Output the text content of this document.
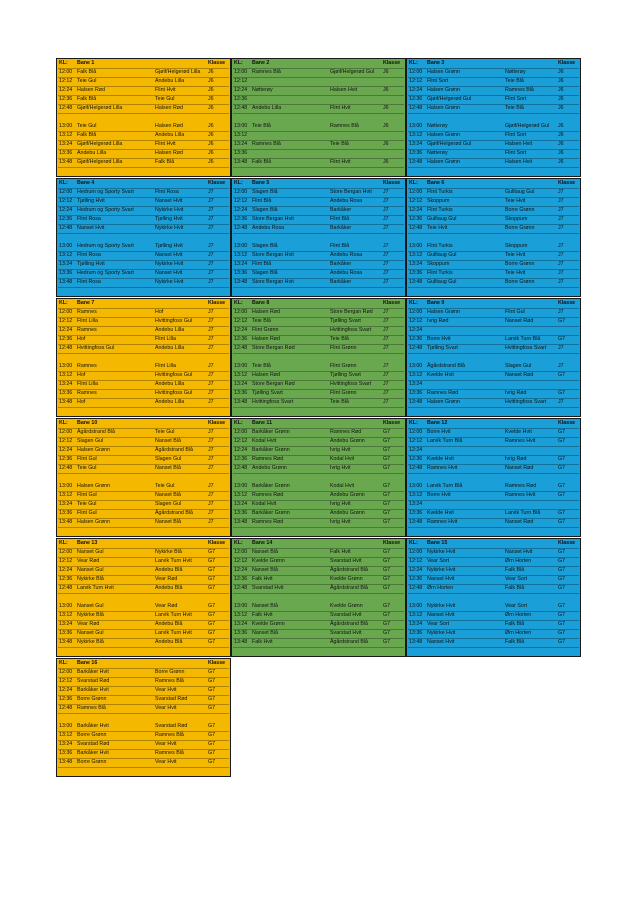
KL:	Bane 1	Klasse
12:00 Falk Blå	Gjøif/Helgerød Lilla	J6
12:12 Teie Gul	Andebu Lilla	J6
12:24 Halsen Rød	Flint Hvit	J6
12:36 Falk Blå	Teie Gul	J6
12:48 Gjøif/Helgerød Lilla	Halsen Rød	J6
13:00 Teie Gul	Halsen Rød	J6
13:12 Falk Blå	Andebu Lilla	J6
13:24 Gjøif/Helgerød Lilla	Flint Hvit	J6
13:36 Andebu Lilla	Halsen Rød	J6
13:48 Gjøif/Helgerød Lilla	Falk Blå	J6
KL:	Bane 2	Klasse
12:00 Ramnes Blå	Gjøif/Helgerød Gul	J6
12:12
12:24 Nøtterøy	Halsen Hvit	J6
12:36
12:48 Andebu Lilla	Flint Hvit	J6
13:00 Teie Blå	Ramnes Blå	J6
13:12
13:24 Ramnes Blå	Teie Blå	J6
13:36
13:48 Falk Blå	Flint Hvit	J6
KL:	Bane 3	Klasse
12:00 Halsen Grønn	Nøtterøy	J6
12:12 Flint Sort	Teie Blå	J6
12:24 Halsen Grønn	Ramnes Blå	J6
12:36 Gjøif/Helgerød Gul	Flint Sort	J6
12:48 Halsen Grønn	Teie Blå	J6
13:00 Nøtterøy	Gjøif/Helgerød Gul	J6
13:12 Halsen Grønn	Flint Sort	J6
13:24 Gjøif/Helgerød Gul	Halsen Hvit	J6
13:36 Nøtterøy	Flint Sort	J6
13:48 Halsen Grønn	Halsen Hvit	J6
KL:	Bane 4	Klasse
12:00 Hedrum og Sporty Svart	Flint Rosa	J7
12:12 Tjølling Hvit	Nanset Hvit	J7
12:24 Hedrum og Sporty Svart	Nykirke Hvit	J7
12:36 Flint Rosa	Tjølling Hvit	J7
12:48 Nanset Hvit	Nykirke Hvit	J7
13:00 Hedrum og Sporty Svart	Tjølling Hvit	J7
13:12 Flint Rosa	Nanset Hvit	J7
13:24 Tjølling Hvit	Nykirke Hvit	J7
13:36 Hedrum og Sporty Svart	Nanset Hvit	J7
13:48 Flint Rosa	Nykirke Hvit	J7
KL:	Bane 5	Klasse
12:00 Slagen Blå	Store Bergan Hvit	J7
12:12 Flint Blå	Andebu Rosa	J7
12:24 Slagen Blå	Barkåker	J7
12:36 Store Bergan Hvit	Flint Blå	J7
12:48 Andebu Rosa	Barkåker	J7
13:00 Slagen Blå	Flint Blå	J7
13:12 Store Bergan Hvit	Andebu Rosa	J7
13:24 Flint Blå	Barkåker	J7
13:36 Slagen Blå	Andebu Rosa	J7
13:48 Store Bergan Hvit	Barkåker	J7
KL:	Bane 6	Klasse
12:00 Flint Turkis	Gulltaug Gul	J7
12:12 Skoppum	Teie Hvit	J7
12:24 Flint Turkis	Borre Grønn	J7
12:36 Gulltaug Gul	Skoppum	J7
12:48 Teie Hvit	Borre Grønn	J7
13:00 Flint Turkis	Skoppum	J7
13:12 Gulltaug Gul	Teie Hvit	J7
13:24 Skoppum	Borre Grønn	J7
13:36 Flint Turkis	Teie Hvit	J7
13:48 Gulltaug Gul	Borre Grønn	J7
KL:	Bane 7	Klasse
12:00 Ramnes	Hof	J7
12:12 Flint Lilla	Hvittingfoss Gul	J7
12:24 Ramnes	Andebu Lilla	J7
12:36 Hof	Flint Lilla	J7
12:48 Hvittingfoss Gul	Andebu Lilla	J7
13:00 Ramnes	Flint Lilla	J7
13:12 Hof	Hvittingfoss Gul	J7
13:24 Flint Lilla	Andebu Lilla	J7
13:36 Ramnes	Hvittingfoss Gul	J7
13:48 Hof	Andebu Lilla	J7
KL:	Bane 8	Klasse
12:00 Halsen Rød	Store Bergan Rød	J7
12:12 Teie Blå	Tjølling Svart	J7
12:24 Flint Grønn	Hvittingfoss Svart	J7
12:36 Halsen Rød	Teie Blå	J7
12:48 Store Bergan Rød	Flint Grønn	J7
13:00 Teie Blå	Flint Grønn	J7
13:12 Halsen Rød	Tjølling Svart	J7
13:24 Store Bergan Rød	Hvittingfoss Svart	J7
13:36 Tjølling Svart	Flint Grønn	J7
13:48 Hvittingfoss Svart	Teie Blå	J7
KL:	Bane 9	Klasse
12:00 Halsen Grønn	Flint Gul	J7
12:12 Ivrig Rød	Nanset Rød	G7
12:24
12:36 Borre Hvit	Larvik Turn Blå	G7
12:48 Tjølling Svart	Hvittingfoss Svart	J7
13:00 Ågårdstrand Blå	Slagen Gul	J7
13:12 Kvelde Hvit	Nanset Rød	G7
13:24
13:36 Ramnes Rød	Ivrig Rød	G7
13:48 Halsen Grønn	Hvittingfoss Svart	J7
KL:	Bane 10	Klasse
12:00 Ågårdstrand Blå	Teie Gul	J7
12:12 Slagen Gul	Nanset Blå	J7
12:24 Halsen Grønn	Ågårdstrand Blå	J7
12:36 Flint Gul	Slagen Gul	J7
12:48 Teie Gul	Nanset Blå	J7
13:00 Halsen Grønn	Teie Gul	J7
13:12 Flint Gul	Nanset Blå	J7
13:24 Teie Gul	Slagen Gul	J7
13:36 Flint Gul	Ågårdstrand Blå	J7
13:48 Halsen Grønn	Nanset Blå	J7
KL:	Bane 11	Klasse
12:00 Barkåker Grønn	Ramnes Rød	G7
12:12 Kodal Hvit	Andebu Grønn	G7
12:24 Barkåker Grønn	Ivrig Hvit	G7
12:36 Ramnes Rød	Kodal Hvit	G7
12:48 Andebu Grønn	Ivrig Hvit	G7
13:00 Barkåker Grønn	Kodal Hvit	G7
13:12 Ramnes Rød	Andebu Grønn	G7
13:24 Kodal Hvit	Ivrig Hvit	G7
13:36 Barkåker Grønn	Andebu Grønn	G7
13:48 Ramnes Rød	Ivrig Hvit	G7
KL:	Bane 12	Klasse
12:00 Borre Hvit	Kvelde Hvit	G7
12:12 Larvik Turn Blå	Ramnes Hvit	G7
12:24
12:36 Kvelde Hvit	Ivrig Rød	G7
12:48 Ramnes Hvit	Nanset Rød	G7
13:00 Larvik Turn Blå	Ramnes Rød	G7
13:12 Borre Hvit	Ramnes Hvit	G7
13:24
13:36 Kvelde Hvit	Larvik Turn Blå	G7
13:48 Ramnes Hvit	Nanset Rød	G7
KL:	Bane 13	Klasse
12:00 Nanset Gul	Nykirke Blå	G7
12:12 Vear Rød	Larvik Turn Hvit	G7
12:24 Nanset Gul	Andebu Blå	G7
12:36 Nykirke Blå	Vear Rød	G7
12:48 Larvik Turn Hvit	Andebu Blå	G7
13:00 Nanset Gul	Vear Rød	G7
13:12 Nykirke Blå	Larvik Turn Hvit	G7
13:24 Vear Rød	Andebu Blå	G7
13:36 Nanset Gul	Larvik Turn Hvit	G7
13:48 Nykirke Blå	Andebu Blå	G7
KL:	Bane 14	Klasse
12:00 Nanset Blå	Falk Hvit	G7
12:12 Kvelde Grønn	Svarstad Hvit	G7
12:24 Nanset Blå	Ågårdstrand Blå	G7
12:36 Falk Hvit	Kvelde Grønn	G7
12:48 Svarstad Hvit	Ågårdstrand Blå	G7
13:00 Nanset Blå	Kvelde Grønn	G7
13:12 Falk Hvit	Svarstad Hvit	G7
13:24 Kvelde Grønn	Ågårdstrand Blå	G7
13:36 Nanset Blå	Svarstad Hvit	G7
13:48 Falk Hvit	Ågårdstrand Blå	G7
KL:	Bane 15	Klasse
12:00 Nykirke Hvit	Nanset Hvit	G7
12:12 Vear Sort	Ørn Horten	G7
12:24 Nykirke Hvit	Falk Blå	G7
12:36 Nanset Hvit	Vear Sort	G7
12:48 Ørn Horten	Falk Blå	G7
13:00 Nykirke Hvit	Vear Sort	G7
13:12 Nanset Hvit	Ørn Horten	G7
13:24 Vear Sort	Falk Blå	G7
13:36 Nykirke Hvit	Ørn Horten	G7
13:48 Nanset Hvit	Falk Blå	G7
KL:	Bane 16	Klasse
12:00 Barkåker Hvit	Borre Grønn	G7
12:12 Svarstad Rød	Ramnes Blå	G7
12:24 Barkåker Hvit	Vear Hvit	G7
12:36 Borre Grønn	Svarstad Rød	G7
12:48 Ramnes Blå	Vear Hvit	G7
13:00 Barkåker Hvit	Svarstad Rød	G7
13:12 Borre Grønn	Ramnes Blå	G7
13:24 Svarstad Rød	Vear Hvit	G7
13:36 Barkåker Hvit	Ramnes Blå	G7
13:48 Borre Grønn	Vear Hvit	G7
